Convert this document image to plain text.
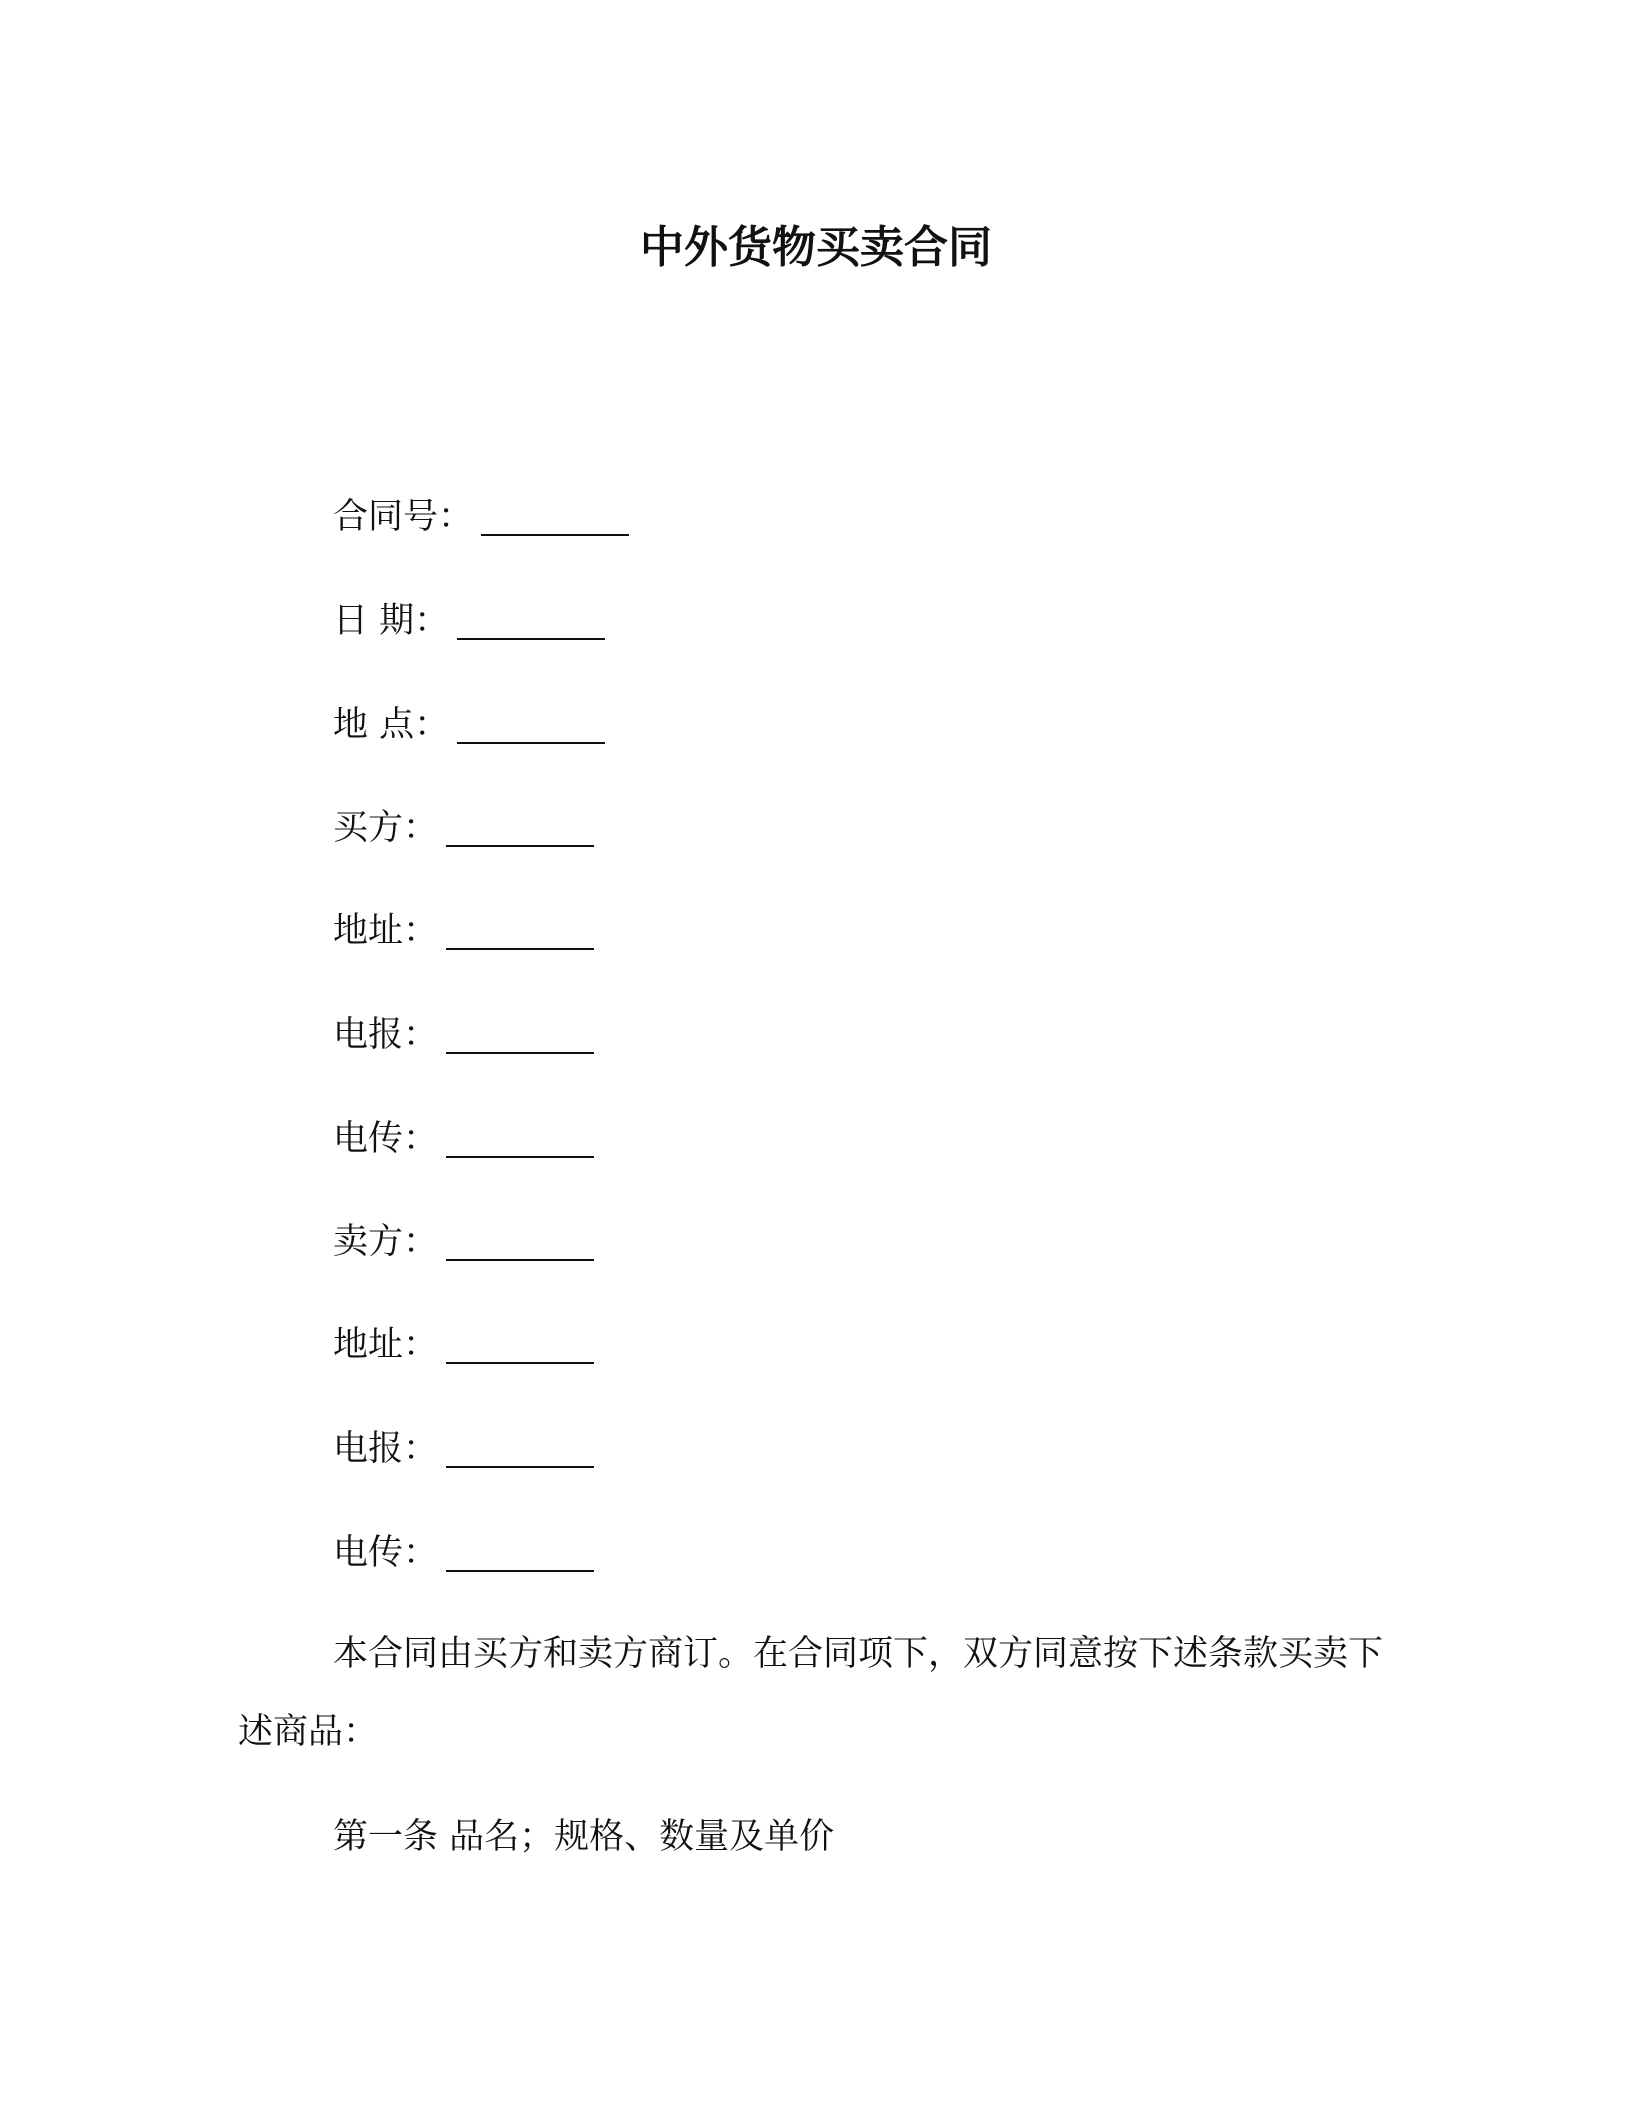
中外货物买卖合同
合同号：
日 期：
地 点：
买方：
地址：
电报：
电传：
卖方：
地址：
电报：
电传：
本合同由买方和卖方商订。在合同项下，双方同意按下述条款买卖下述商品：
第一条 品名；规格、数量及单价
